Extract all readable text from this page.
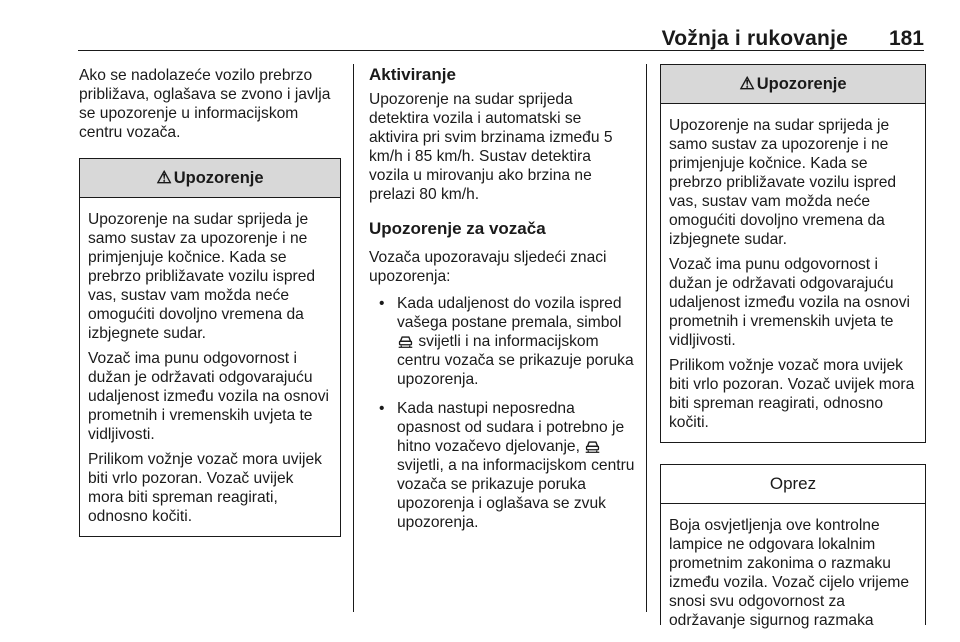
Vožnja i rukovanje 181

Ako se nadolazeće vozilo prebrzo približava, oglašava se zvono i javlja se upozorenje u informacijskom centru vozača.

⚠ Upozorenje

Upozorenje na sudar sprijeda je samo sustav za upozorenje i ne primjenjuje kočnice. Kada se prebrzo približavate vozilu ispred vas, sustav vam možda neće omogućiti dovoljno vremena da izbjegnete sudar.

Vozač ima punu odgovornost i dužan je održavati odgovarajuću udaljenost između vozila na osnovi prometnih i vremenskih uvjeta te vidljivosti.

Prilikom vožnje vozač mora uvijek biti vrlo pozoran. Vozač uvijek mora biti spreman reagirati, odnosno kočiti.

Aktiviranje

Upozorenje na sudar sprijeda detektira vozila i automatski se aktivira pri svim brzinama između 5 km/h i 85 km/h. Sustav detektira vozila u mirovanju ako brzina ne prelazi 80 km/h.

Upozorenje za vozača

Vozača upozoravaju sljedeći znaci upozorenja:

• Kada udaljenost do vozila ispred vašega postane premala, simbol  svijetli i na informacijskom centru vozača se prikazuje poruka upozorenja.
• Kada nastupi neposredna opasnost od sudara i potrebno je hitno vozačevo djelovanje,  svijetli, a na informacijskom centru vozača se prikazuje poruka upozorenja i oglašava se zvuk upozorenja.
⚠ Upozorenje

Upozorenje na sudar sprijeda je samo sustav za upozorenje i ne primjenjuje kočnice. Kada se prebrzo približavate vozilu ispred vas, sustav vam možda neće omogućiti dovoljno vremena da izbjegnete sudar.

Vozač ima punu odgovornost i dužan je održavati odgovarajuću udaljenost između vozila na osnovi prometnih i vremenskih uvjeta te vidljivosti.

Prilikom vožnje vozač mora uvijek biti vrlo pozoran. Vozač uvijek mora biti spreman reagirati, odnosno kočiti.

Oprez

Boja osvjetljenja ove kontrolne lampice ne odgovara lokalnim prometnim zakonima o razmaku između vozila. Vozač cijelo vrijeme snosi svu odgovornost za održavanje sigurnog razmaka
